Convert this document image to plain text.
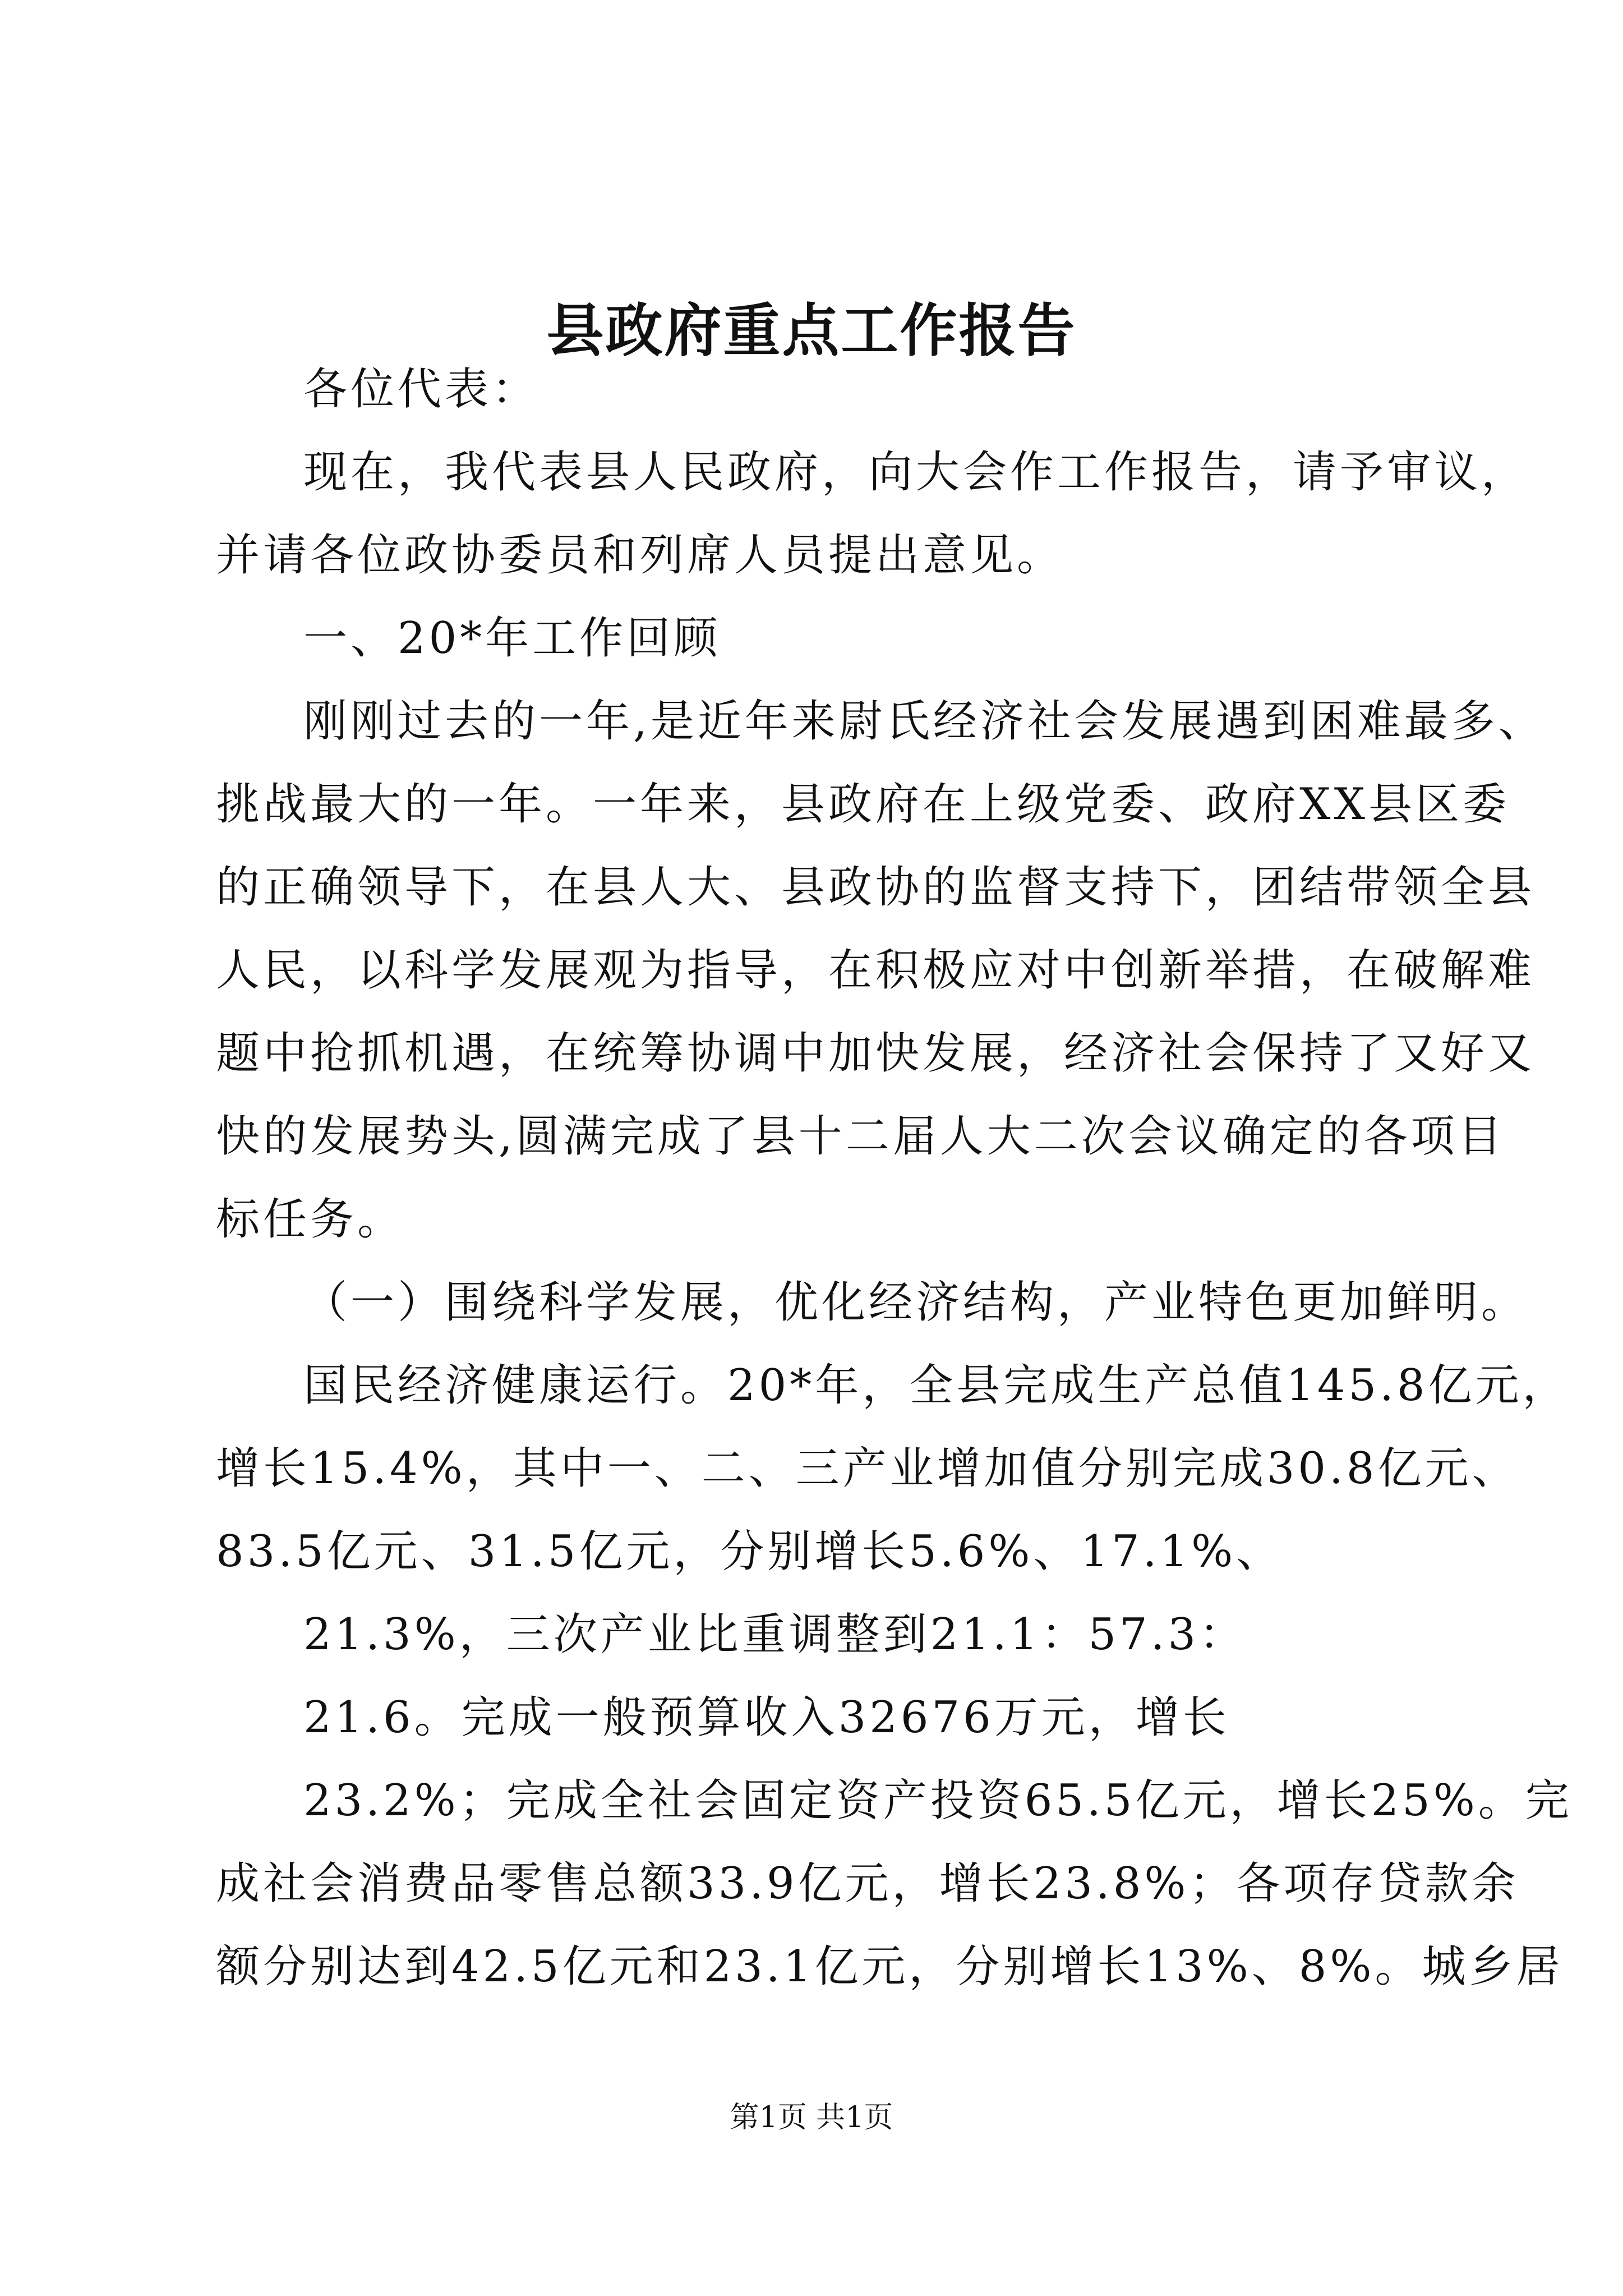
县政府重点工作报告

各位代表：

现在，我代表县人民政府，向大会作工作报告，请予审议，

并请各位政协委员和列席人员提出意见。

一、20*年工作回顾

刚刚过去的一年,是近年来尉氏经济社会发展遇到困难最多、

挑战最大的一年。一年来，县政府在上级党委、政府XX县区委

的正确领导下，在县人大、县政协的监督支持下，团结带领全县

人民，以科学发展观为指导，在积极应对中创新举措，在破解难

题中抢抓机遇，在统筹协调中加快发展，经济社会保持了又好又

快的发展势头,圆满完成了县十二届人大二次会议确定的各项目

标任务。

（一）围绕科学发展，优化经济结构，产业特色更加鲜明。

国民经济健康运行。20*年，全县完成生产总值145.8亿元，

增长15.4%，其中一、二、三产业增加值分别完成30.8亿元、

83.5亿元、31.5亿元，分别增长5.6%、17.1%、

21.3%，三次产业比重调整到21.1：57.3：

21.6。完成一般预算收入32676万元，增长

23.2%；完成全社会固定资产投资65.5亿元，增长25%。完

成社会消费品零售总额33.9亿元，增长23.8%；各项存贷款余

额分别达到42.5亿元和23.1亿元，分别增长13%、8%。城乡居

第1页 共1页
